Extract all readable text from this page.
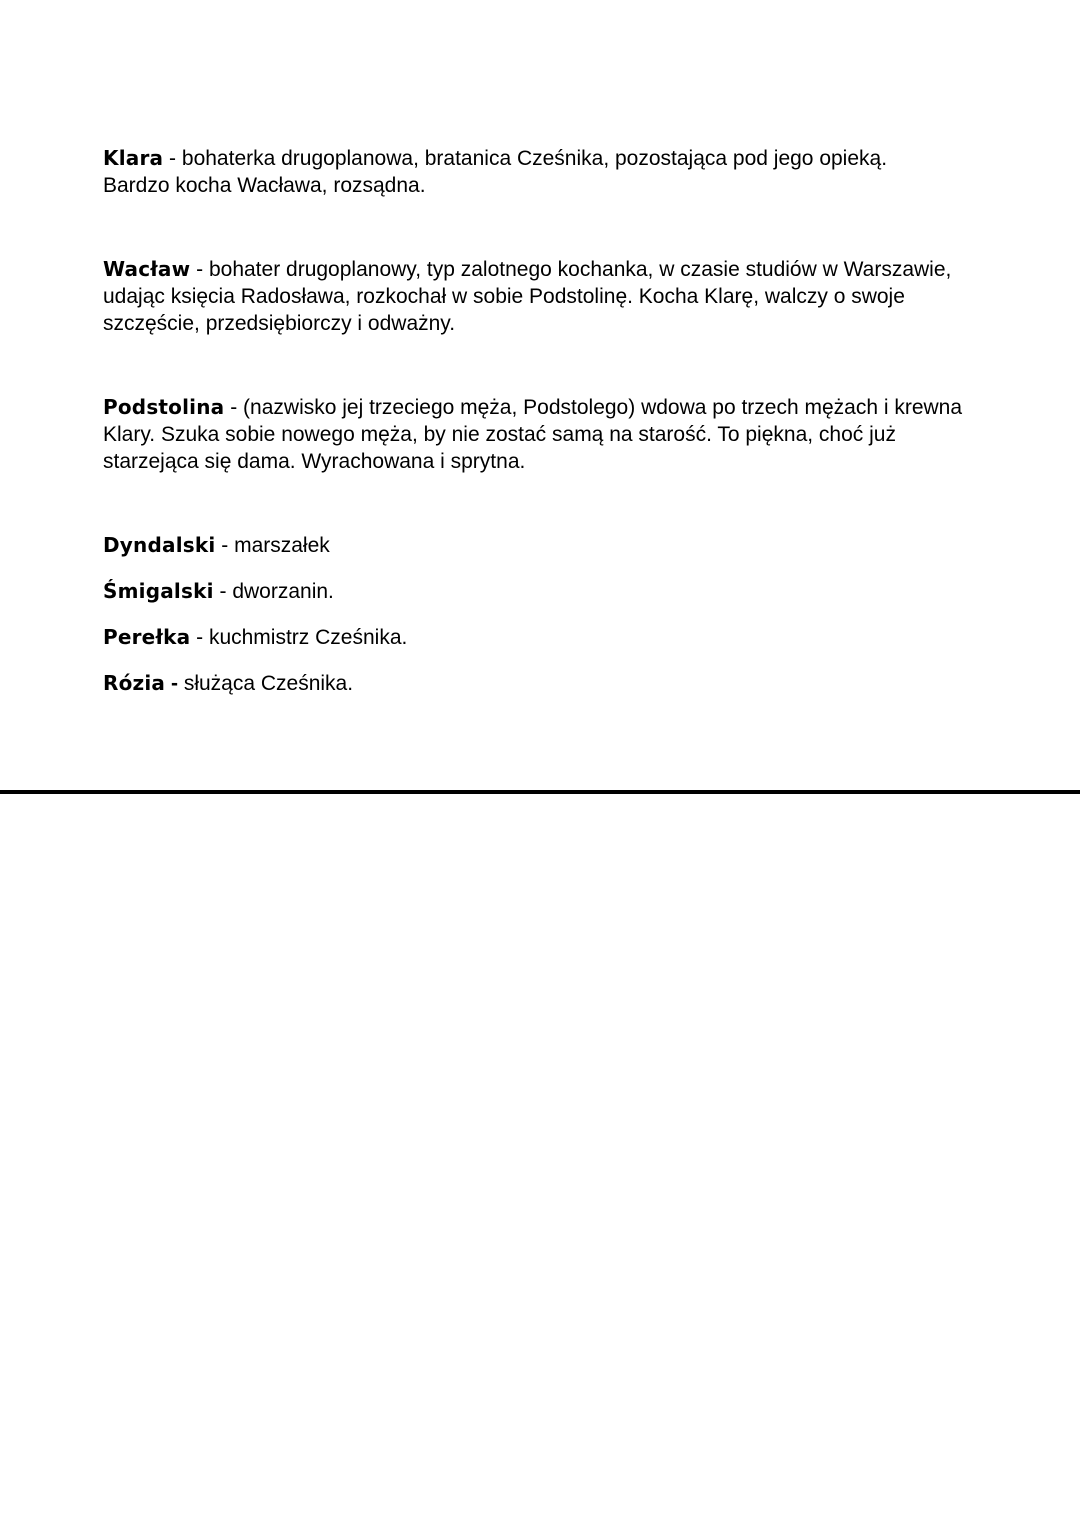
Klara - bohaterka drugoplanowa, bratanica Cześnika, pozostająca pod jego opieką. Bardzo kocha Wacława, rozsądna.

Wacław - bohater drugoplanowy, typ zalotnego kochanka, w czasie studiów w Warszawie, udając księcia Radosława, rozkochał w sobie Podstolinę. Kocha Klarę, walczy o swoje szczęście, przedsiębiorczy i odważny.

Podstolina - (nazwisko jej trzeciego męża, Podstolego) wdowa po trzech mężach i krewna Klary. Szuka sobie nowego męża, by nie zostać samą na starość. To piękna, choć już starzejąca się dama. Wyrachowana i sprytna.

Dyndalski - marszałek

Śmigalski - dworzanin.

Perełka - kuchmistrz Cześnika.

Rózia - służąca Cześnika.
